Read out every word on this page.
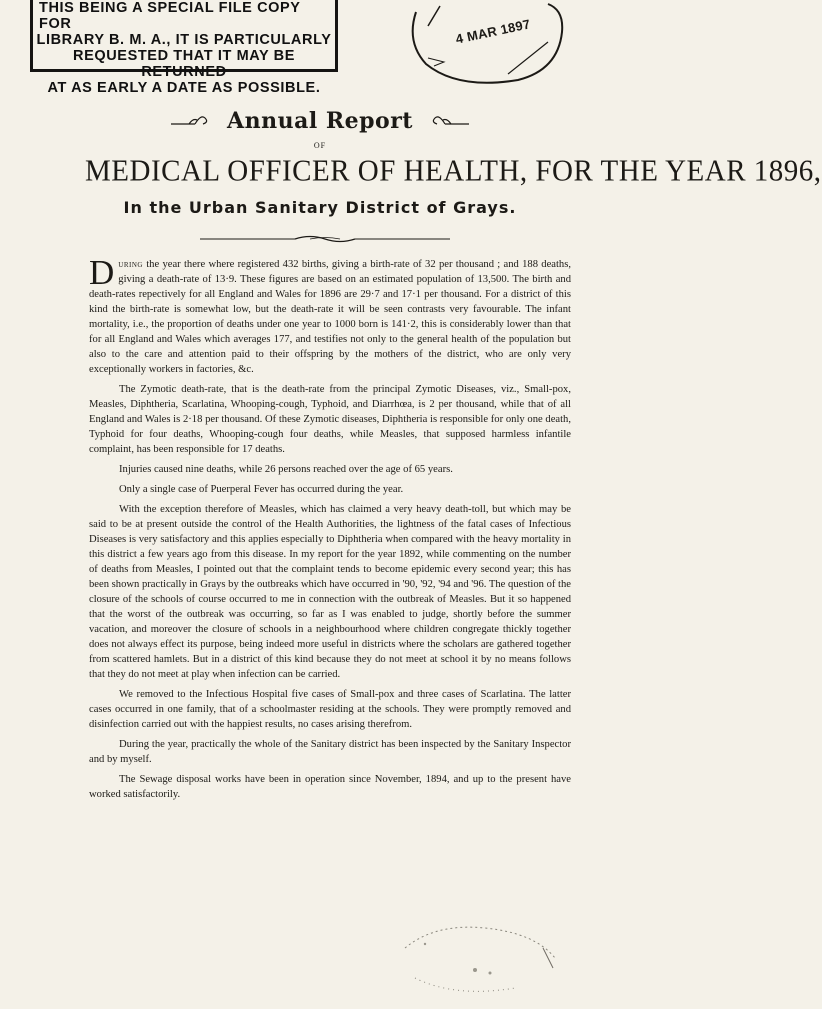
THIS BEING A SPECIAL FILE COPY FOR
LIBRARY B. M. A., IT IS PARTICULARLY
REQUESTED THAT IT MAY BE RETURNED
AT AS EARLY A DATE AS POSSIBLE.
4 MAR 1897
Annual Report
OF
MEDICAL OFFICER OF HEALTH, FOR THE YEAR 1896,
In the Urban Sanitary District of Grays.

During the year there where registered 432 births, giving a birth-rate of 32 per thousand ; and 188 deaths, giving a death-rate of 13·9. These figures are based on an estimated population of 13,500. The birth and death-rates repectively for all England and Wales for 1896 are 29·7 and 17·1 per thousand. For a district of this kind the birth-rate is somewhat low, but the death-rate it will be seen contrasts very favourable. The infant mortality, i.e., the proportion of deaths under one year to 1000 born is 141·2, this is considerably lower than that for all England and Wales which averages 177, and testifies not only to the general health of the population but also to the care and attention paid to their offspring by the mothers of the district, who are only very exceptionally workers in factories, &c.

The Zymotic death-rate, that is the death-rate from the principal Zymotic Diseases, viz., Small-pox, Measles, Diphtheria, Scarlatina, Whooping-cough, Typhoid, and Diarrhœa, is 2 per thousand, while that of all England and Wales is 2·18 per thousand. Of these Zymotic diseases, Diphtheria is responsible for only one death, Typhoid for four deaths, Whooping-cough four deaths, while Measles, that supposed harmless infantile complaint, has been responsible for 17 deaths.

Injuries caused nine deaths, while 26 persons reached over the age of 65 years.

Only a single case of Puerperal Fever has occurred during the year.

With the exception therefore of Measles, which has claimed a very heavy death-toll, but which may be said to be at present outside the control of the Health Authorities, the lightness of the fatal cases of Infectious Diseases is very satisfactory and this applies especially to Diphtheria when compared with the heavy mortality in this district a few years ago from this disease. In my report for the year 1892, while commenting on the number of deaths from Measles, I pointed out that the complaint tends to become epidemic every second year; this has been shown practically in Grays by the outbreaks which have occurred in '90, '92, '94 and '96. The question of the closure of the schools of course occurred to me in connection with the outbreak of Measles. But it so happened that the worst of the outbreak was occurring, so far as I was enabled to judge, shortly before the summer vacation, and moreover the closure of schools in a neighbourhood where children congregate thickly together does not always effect its purpose, being indeed more useful in districts where the scholars are gathered together from scattered hamlets. But in a district of this kind because they do not meet at school it by no means follows that they do not meet at play when infection can be carried.

We removed to the Infectious Hospital five cases of Small-pox and three cases of Scarlatina. The latter cases occurred in one family, that of a schoolmaster residing at the schools. They were promptly removed and disinfection carried out with the happiest results, no cases arising therefrom.

During the year, practically the whole of the Sanitary district has been inspected by the Sanitary Inspector and by myself.

The Sewage disposal works have been in operation since November, 1894, and up to the present have worked satisfactorily.
